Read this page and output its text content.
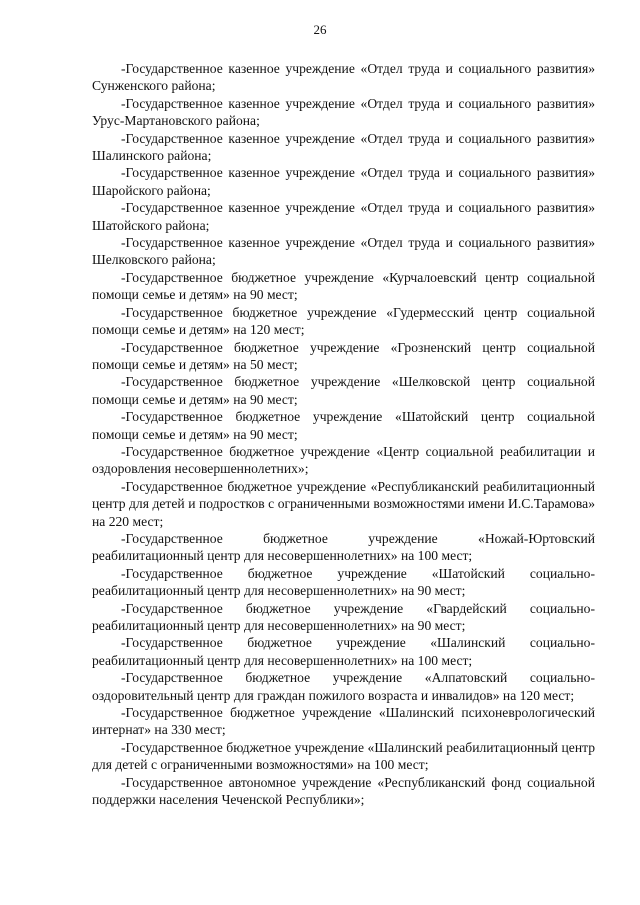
26

-Государственное казенное учреждение «Отдел труда и социального развития» Сунженского района;

-Государственное казенное учреждение «Отдел труда и социального развития» Урус-Мартановского района;

-Государственное казенное учреждение «Отдел труда и социального развития» Шалинского района;

-Государственное казенное учреждение «Отдел труда и социального развития» Шаройского района;

-Государственное казенное учреждение «Отдел труда и социального развития» Шатойского района;

-Государственное казенное учреждение «Отдел труда и социального развития» Шелковского района;

-Государственное бюджетное учреждение «Курчалоевский центр социальной помощи семье и детям» на 90 мест;

-Государственное бюджетное учреждение «Гудермесский центр социальной помощи семье и детям» на 120 мест;

-Государственное бюджетное учреждение «Грозненский центр социальной помощи семье и детям» на 50 мест;

-Государственное бюджетное учреждение «Шелковской центр социальной помощи семье и детям» на 90 мест;

-Государственное бюджетное учреждение «Шатойский центр социальной помощи семье и детям» на 90 мест;

-Государственное бюджетное учреждение «Центр социальной реабилитации и оздоровления несовершеннолетних»;

-Государственное бюджетное учреждение «Республиканский реабилитационный центр для детей и подростков с ограниченными возможностями имени И.С.Тарамова» на 220 мест;

-Государственное бюджетное учреждение «Ножай-Юртовский реабилитационный центр для несовершеннолетних» на 100 мест;

-Государственное бюджетное учреждение «Шатойский социально-реабилитационный центр для несовершеннолетних» на 90 мест;

-Государственное бюджетное учреждение «Гвардейский социально-реабилитационный центр для несовершеннолетних» на 90 мест;

-Государственное бюджетное учреждение «Шалинский социально-реабилитационный центр для несовершеннолетних» на 100 мест;

-Государственное бюджетное учреждение «Алпатовский социально-оздоровительный центр для граждан пожилого возраста и инвалидов» на 120 мест;

-Государственное бюджетное учреждение «Шалинский психоневрологический интернат» на 330 мест;

-Государственное бюджетное учреждение «Шалинский реабилитационный центр для детей с ограниченными возможностями» на 100 мест;

-Государственное автономное учреждение «Республиканский фонд социальной поддержки населения Чеченской Республики»;
